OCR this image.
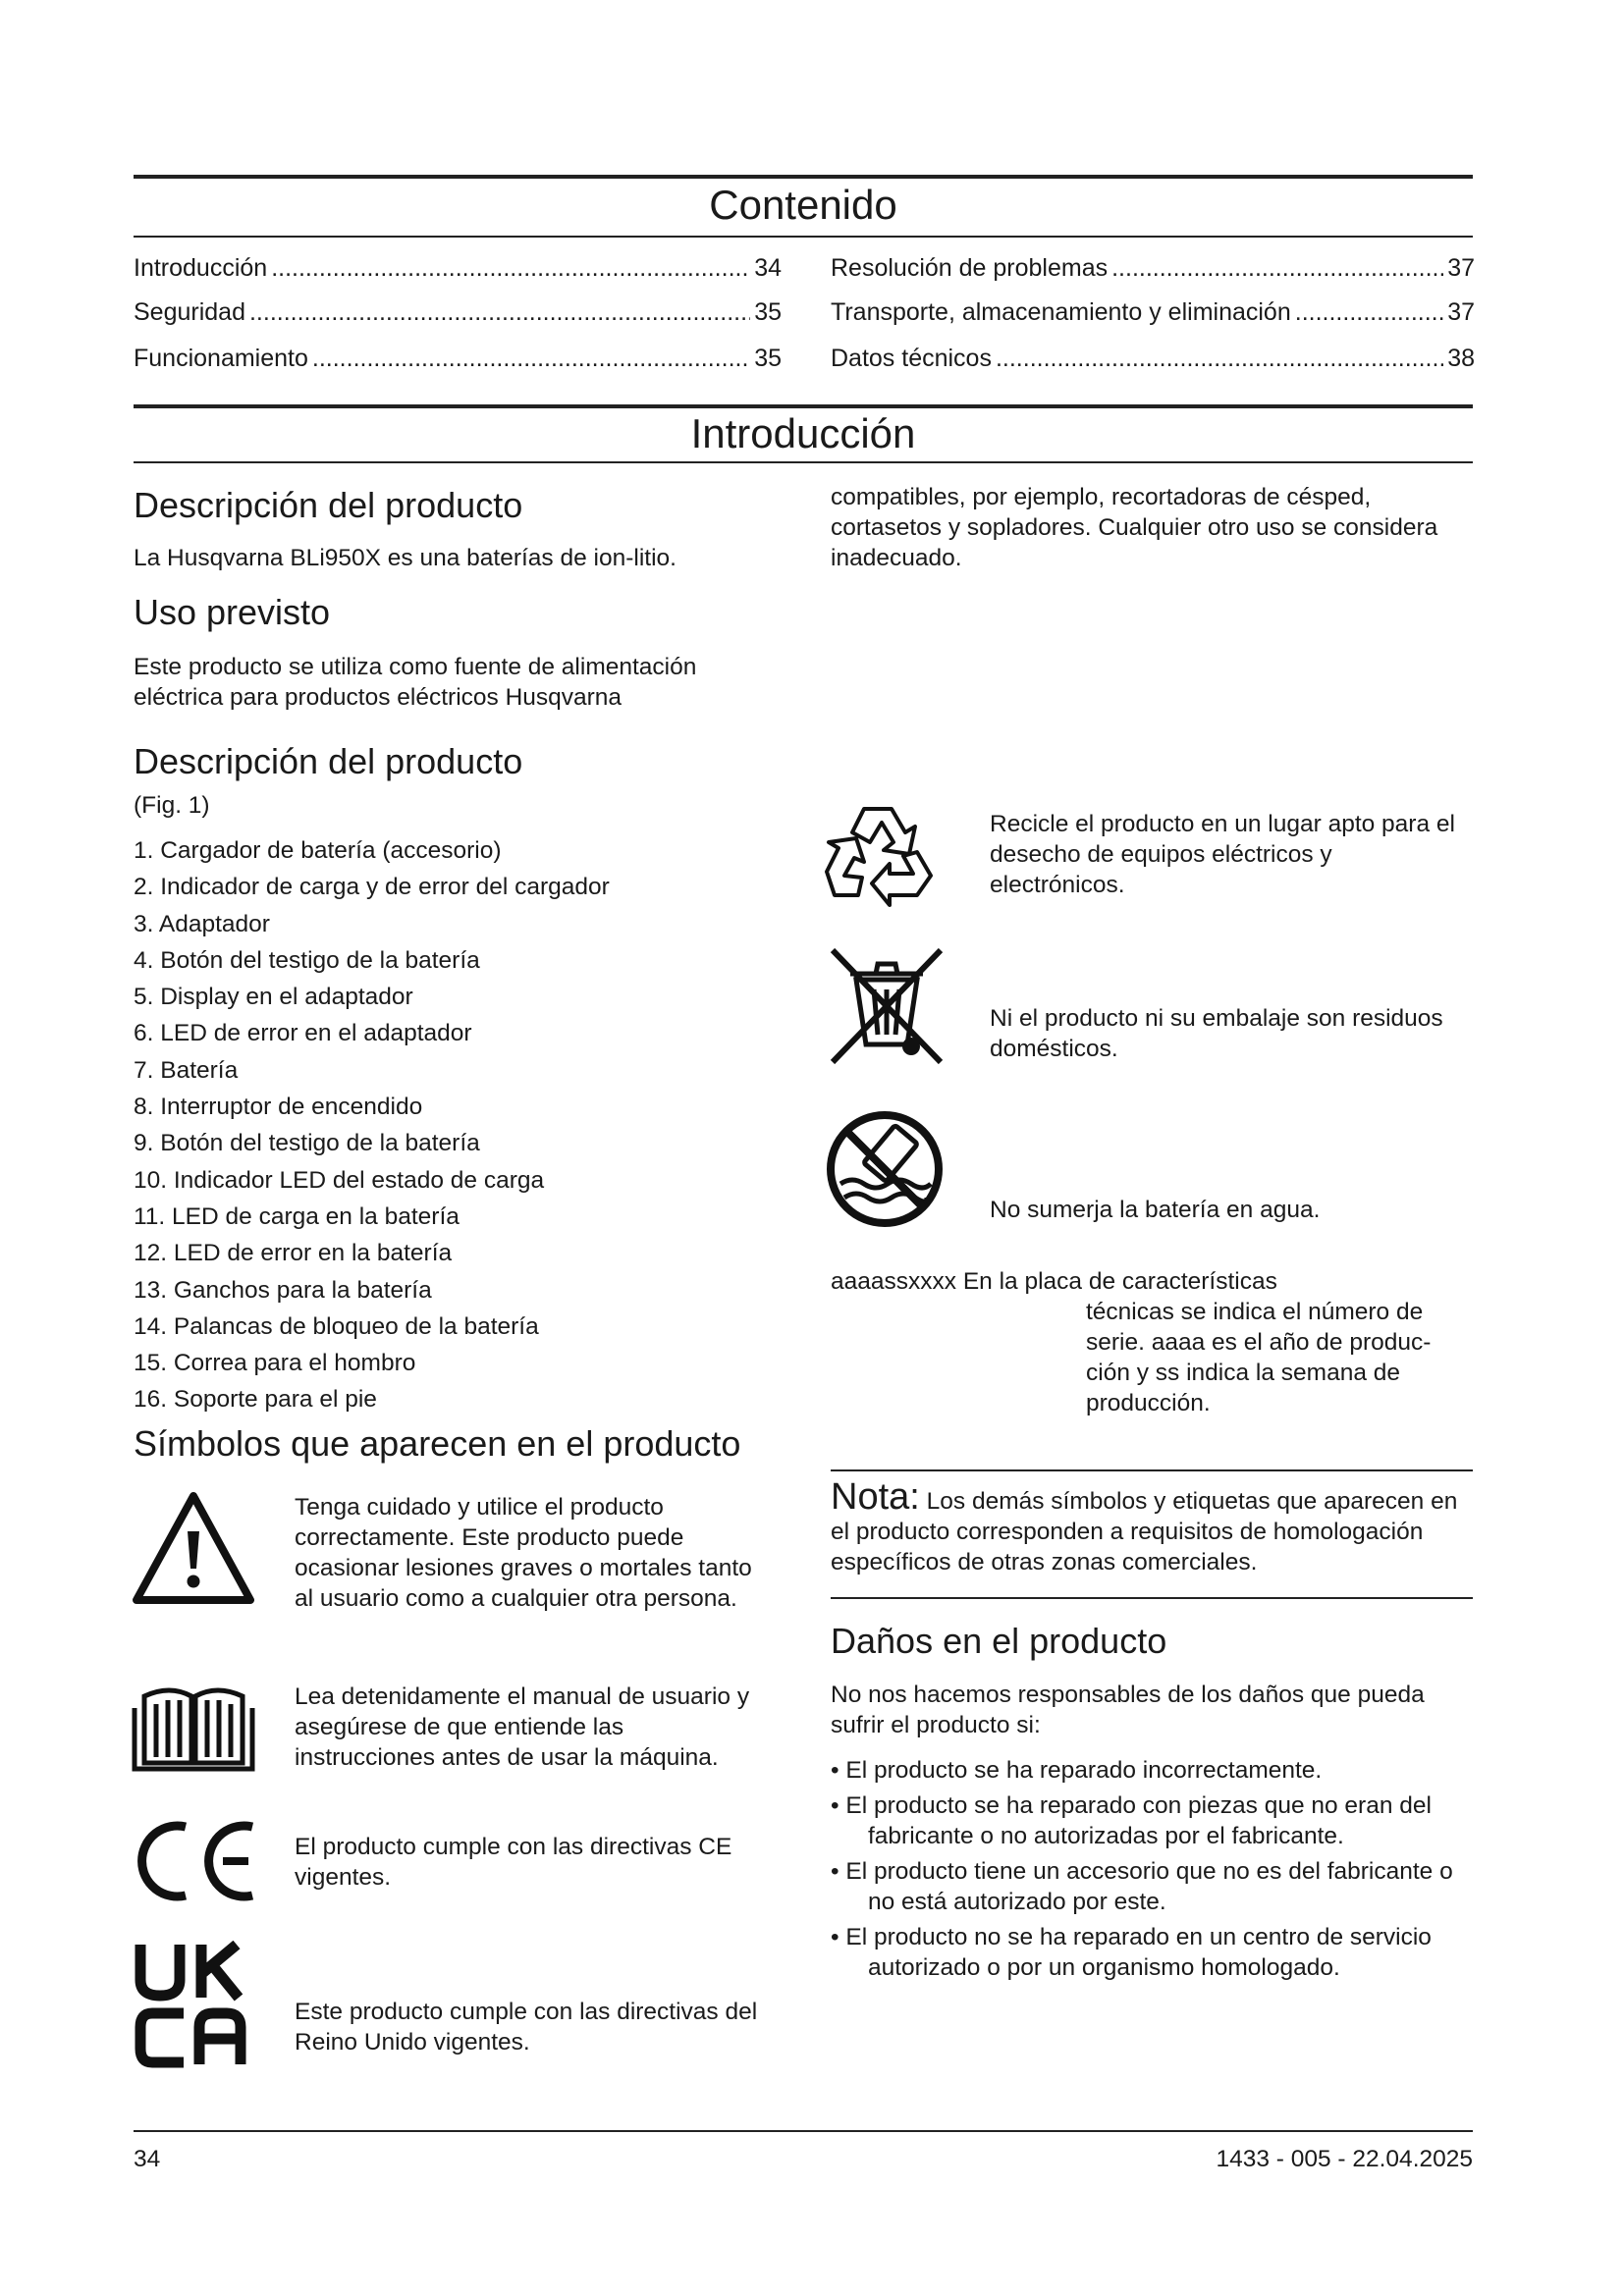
Contenido
Introducción .....	34
Seguridad .....	35
Funcionamiento .....	35
Resolución de problemas .....	37
Transporte, almacenamiento y eliminación .....	37
Datos técnicos .....	38
Introducción
Descripción del producto

La Husqvarna BLi950X es una baterías de ion-litio.

Uso previsto

Este producto se utiliza como fuente de alimentación eléctrica para productos eléctricos Husqvarna

compatibles, por ejemplo, recortadoras de césped, cortasetos y sopladores. Cualquier otro uso se considera inadecuado.

Descripción del producto

(Fig. 1)

1. Cargador de batería (accesorio)
2. Indicador de carga y de error del cargador
3. Adaptador
4. Botón del testigo de la batería
5. Display en el adaptador
6. LED de error en el adaptador
7. Batería
8. Interruptor de encendido
9. Botón del testigo de la batería
10. Indicador LED del estado de carga
11. LED de carga en la batería
12. LED de error en la batería
13. Ganchos para la batería
14. Palancas de bloqueo de la batería
15. Correa para el hombro
16. Soporte para el pie
Símbolos que aparecen en el producto
Tenga cuidado y utilice el producto correctamente. Este producto puede ocasionar lesiones graves o mortales tanto al usuario como a cualquier otra persona.
Lea detenidamente el manual de usuario y asegúrese de que entiende las instrucciones antes de usar la máquina.
El producto cumple con las directivas CE vigentes.
Este producto cumple con las directivas del Reino Unido vigentes.
Recicle el producto en un lugar apto para el desecho de equipos eléctricos y electrónicos.
Ni el producto ni su embalaje son residuos domésticos.
No sumerja la batería en agua.
aaaassxxxx En la placa de características
técnicas se indica el número de serie. aaaa es el año de produc-ción y ss indica la semana de producción.
Nota: Los demás símbolos y etiquetas que aparecen en el producto corresponden a requisitos de homologación específicos de otras zonas comerciales.
Daños en el producto

No nos hacemos responsables de los daños que pueda sufrir el producto si:

• El producto se ha reparado incorrectamente.
• El producto se ha reparado con piezas que no eran del fabricante o no autorizadas por el fabricante.
• El producto tiene un accesorio que no es del fabricante o no está autorizado por este.
• El producto no se ha reparado en un centro de servicio autorizado o por un organismo homologado.
34	1433 - 005 - 22.04.2025
